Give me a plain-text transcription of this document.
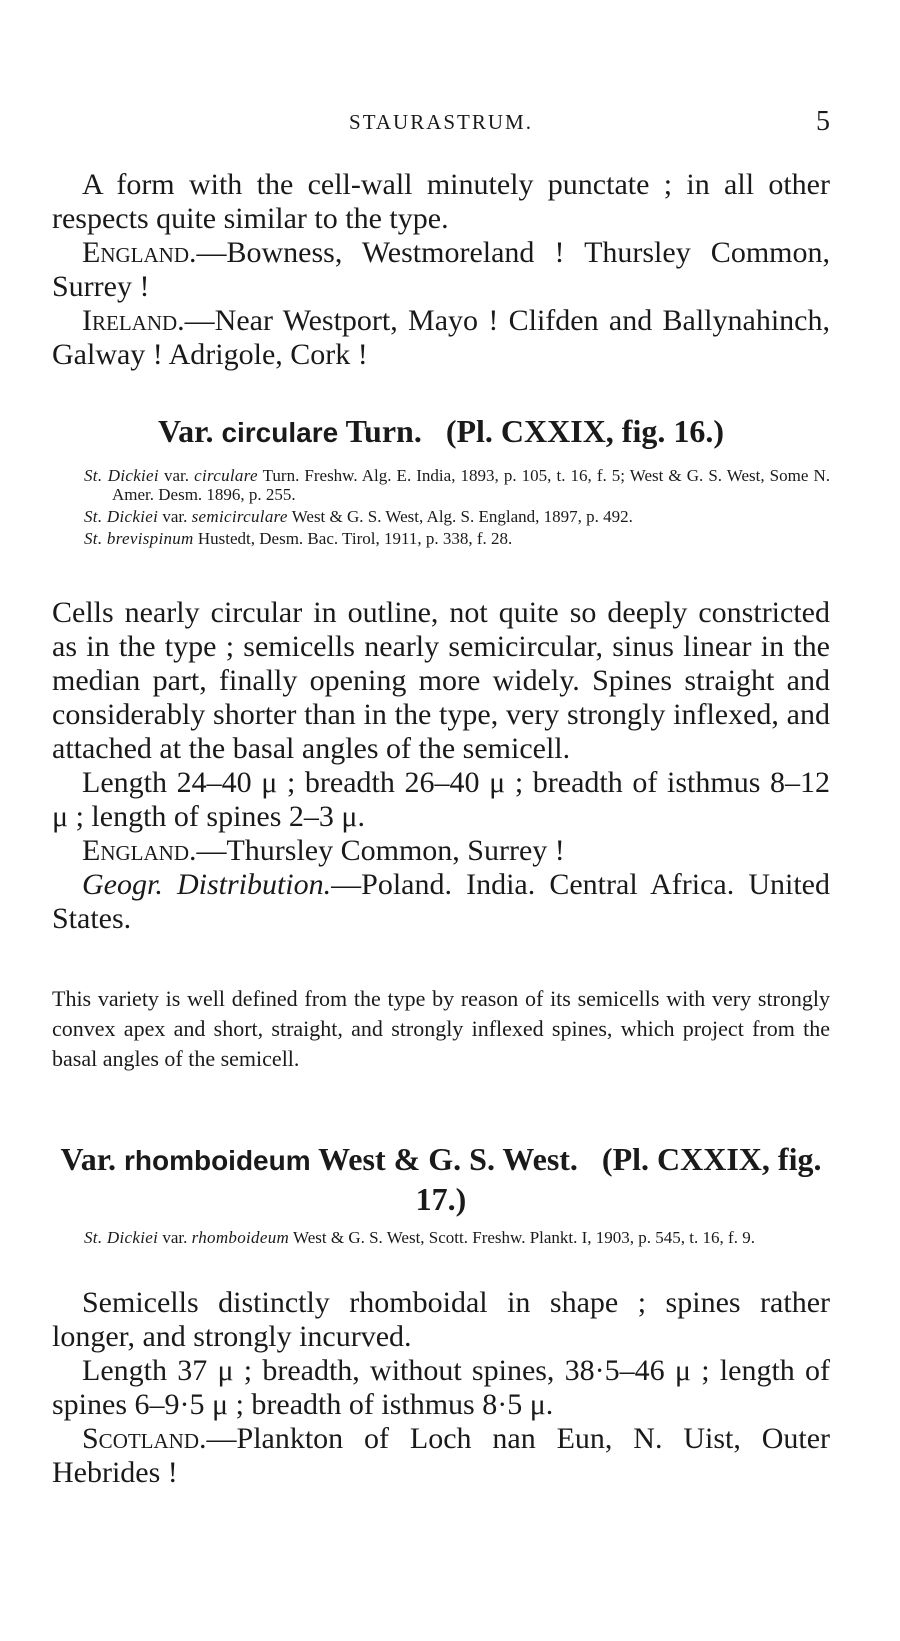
STAURASTRUM.	5

A form with the cell-wall minutely punctate ; in all other respects quite similar to the type.

England.—Bowness, Westmoreland ! Thursley Common, Surrey !

Ireland.—Near Westport, Mayo ! Clifden and Ballynahinch, Galway ! Adrigole, Cork !

Var. circulare Turn. (Pl. CXXIX, fig. 16.)

St. Dickiei var. circulare Turn. Freshw. Alg. E. India, 1893, p. 105, t. 16, f. 5; West & G. S. West, Some N. Amer. Desm. 1896, p. 255.

St. Dickiei var. semicirculare West & G. S. West, Alg. S. England, 1897, p. 492.

St. brevispinum Hustedt, Desm. Bac. Tirol, 1911, p. 338, f. 28.

Cells nearly circular in outline, not quite so deeply constricted as in the type ; semicells nearly semicircular, sinus linear in the median part, finally opening more widely. Spines straight and considerably shorter than in the type, very strongly inflexed, and attached at the basal angles of the semicell.

Length 24–40 μ ; breadth 26–40 μ ; breadth of isthmus 8–12 μ ; length of spines 2–3 μ.

England.—Thursley Common, Surrey !

Geogr. Distribution.—Poland. India. Central Africa. United States.

This variety is well defined from the type by reason of its semicells with very strongly convex apex and short, straight, and strongly inflexed spines, which project from the basal angles of the semicell.

Var. rhomboideum West & G. S. West. (Pl. CXXIX, fig. 17.)

St. Dickiei var. rhomboideum West & G. S. West, Scott. Freshw. Plankt. I, 1903, p. 545, t. 16, f. 9.

Semicells distinctly rhomboidal in shape ; spines rather longer, and strongly incurved.

Length 37 μ ; breadth, without spines, 38·5–46 μ ; length of spines 6–9·5 μ ; breadth of isthmus 8·5 μ.

Scotland.—Plankton of Loch nan Eun, N. Uist, Outer Hebrides !
